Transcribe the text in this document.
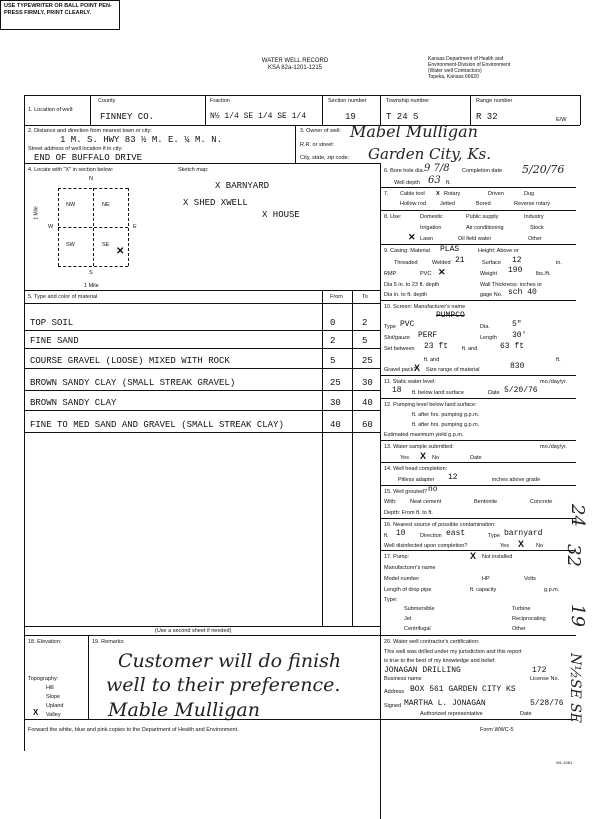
USE TYPEWRITER OR BALL POINT PEN-PRESS FIRMLY, PRINT CLEARLY.
WATER WELL RECORD
KSA 82a-1201-1215
Kansas Department of Health and
Environment-Division of Environment
(Water well Contractors)
Topeka, Kansas 66620
1. Location of well:
County
FINNEY CO.
Fraction
N½ 1/4 SE 1/4 SE 1/4
Section number
19
Township number
T 24 S
Range number
R 32	E/W
2. Distance and direction from nearest town or city:
1 M. S. HWY 83 ½ M. E. ¼ M. N.
Street address of well location if in city:
END OF BUFFALO DRIVE
3. Owner of well: Mabel Mulligan
R.R. or street:
City, state, zip code: Garden City, Ks.
4. Locate with "X" in section below:	Sketch map:
N
S
W	E
NW	NE
SW	SE
✕
1 Mile
1 Mile
X BARNYARD
X SHED XWELL
X HOUSE
6. Bore hole dia. 9 7/8 Completion date 5/20/76
Well depth 63 ft.
7. Cable tool X Rotary	Driven	Dug
Hollow rod	Jetted	Bored	Reverse rotary
8. Use:	Domestic	Public supply	Industry
Irrigation	Air conditioning	Stock
✕ Lawn	Oil field water	Other
9. Casing: Material PLAS	Height: Above or
Threaded	Welded 21	Surface 12	in.
RMP	PVC ✕	Weight 190 lbs./ft.
Dia 5 in. to 23 ft. depth	Wall Thickness: inches or
Dia in. to ft. depth	gage No. sch 40
5. Type and color of material	From	To
TOP SOIL	0	2
FINE SAND	2	5
COURSE GRAVEL (LOOSE) MIXED WITH ROCK	5	25
BROWN SANDY CLAY (SMALL STREAK GRAVEL)	25 30
BROWN SANDY CLAY	30 40
FINE TO MED SAND AND GRAVEL (SMALL STREAK CLAY)	40 60
(Use a second sheet if needed)
10. Screen: Manufacturer's name
PUMPCO
Type PVC	Dia.	5"
Slot/gauze PERF	Length 30'
Set between 23 ft	ft. and	63 ft
ft. and	ft.
Gravel pack?
X Size range of material	830
11. Static water level:	mo./day/yr.
18 ft. below land surface	Date 5/20/76
12. Pumping level below land surface:
ft. after hrs. pumping g.p.m.
ft. after hrs. pumping g.p.m.
Estimated maximum yield g.p.m.
13. Water sample submitted:	mo./day/yr.
Yes X No	Date
14. Well head completion:
Pitless adapter 12	inches above grade
15. Well grouted? no
With: Neat cement	Bentonite	Concrete
Depth: From ft. to ft.
16. Nearest source of possible contamination:
ft. 10	Direction east	Type barnyard
Well disinfected upon completion?	Yes X No
17. Pump:	X Not installed
Manufacturer's name
Model number	HP	Volts
Length of drop pipe	ft. capacity	g.p.m.
Type:
Submersible	Turbine
Jet	Reciprocating
Centrifugal	Other
18. Elevation:
Topography:
Hill
Slope
Upland
X Valley
19. Remarks:
Customer will do finish
well to their preference.
Mable Mulligan
20. Water well contractor's certification:
This well was drilled under my jurisdiction and this report
is true to the best of my knowledge and belief.
JONAGAN DRILLING	172
Business name	License No.
Address BOX 561 GARDEN CITY KS
Signed MARTHA L. JONAGAN	5/28/76
Authorized representative	Date
24
32
19
N½SE SE
Forward the white, blue and pink copies to the Department of Health and Environment.	Form WWC-5
W1-1081
